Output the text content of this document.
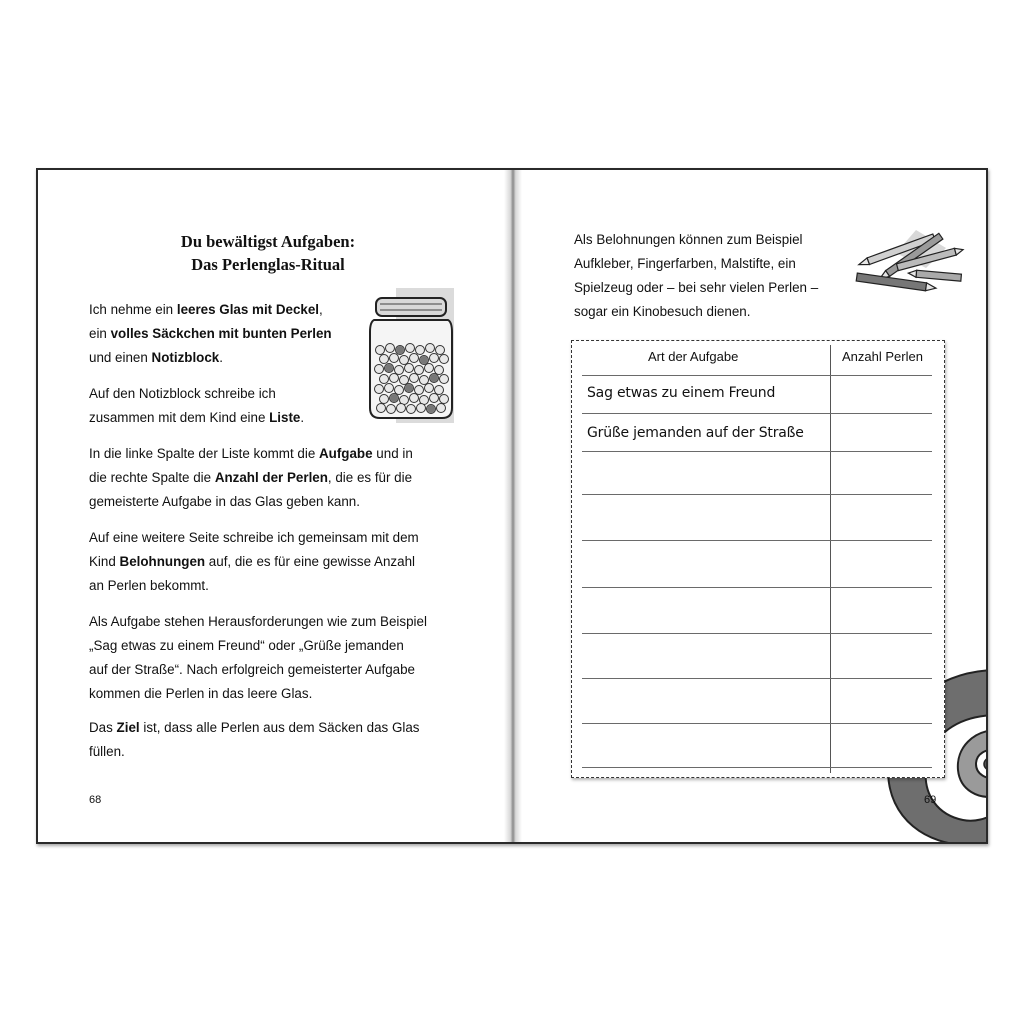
Du bewältigst Aufgaben:
Das Perlenglas-Ritual

Ich nehme ein leeres Glas mit Deckel,
ein volles Säckchen mit bunten Perlen
und einen Notizblock.

Auf den Notizblock schreibe ich
zusammen mit dem Kind eine Liste.

In die linke Spalte der Liste kommt die Aufgabe und in
die rechte Spalte die Anzahl der Perlen, die es für die
gemeisterte Aufgabe in das Glas geben kann.

Auf eine weitere Seite schreibe ich gemeinsam mit dem
Kind Belohnungen auf, die es für eine gewisse Anzahl
an Perlen bekommt.

Als Aufgabe stehen Herausforderungen wie zum Beispiel
„Sag etwas zu einem Freund“ oder „Grüße jemanden
auf der Straße“. Nach erfolgreich gemeisterter Aufgabe
kommen die Perlen in das leere Glas.

Das Ziel ist, dass alle Perlen aus dem Säcken das Glas
füllen.

68

Als Belohnungen können zum Beispiel
Aufkleber, Fingerfarben, Malstifte, ein
Spielzeug oder – bei sehr vielen Perlen –
sogar ein Kinobesuch dienen.

Art der Aufgabe	Anzahl Perlen
Sag etwas zu einem Freund
Grüße jemanden auf der Straße
69
